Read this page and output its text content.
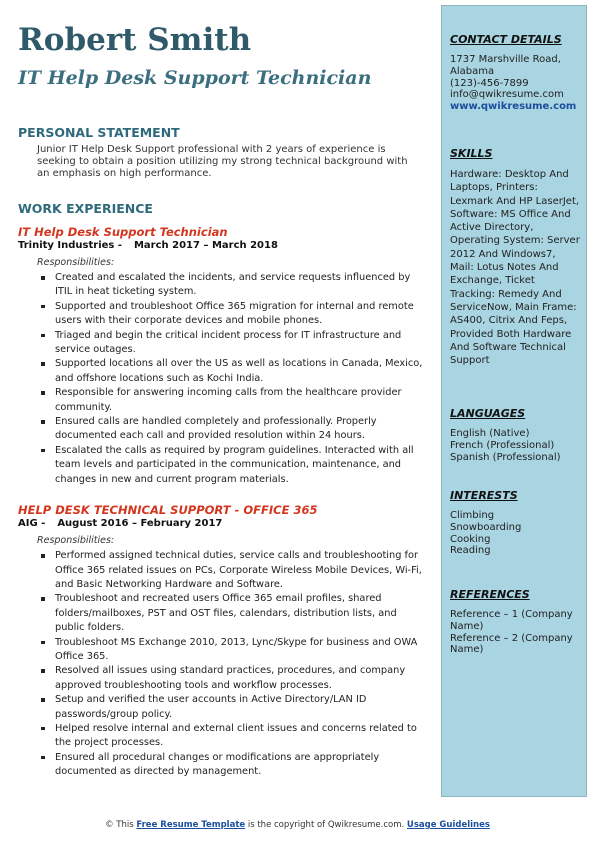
Robert Smith
IT Help Desk Support Technician
PERSONAL STATEMENT
Junior IT Help Desk Support professional with 2 years of experience is seeking to obtain a position utilizing my strong technical background with an emphasis on high performance.
WORK EXPERIENCE
IT Help Desk Support Technician
Trinity Industries - March 2017 – March 2018
Responsibilities:
Created and escalated the incidents, and service requests influenced by ITIL in heat ticketing system.
Supported and troubleshoot Office 365 migration for internal and remote users with their corporate devices and mobile phones.
Triaged and begin the critical incident process for IT infrastructure and service outages.
Supported locations all over the US as well as locations in Canada, Mexico, and offshore locations such as Kochi India.
Responsible for answering incoming calls from the healthcare provider community.
Ensured calls are handled completely and professionally. Properly documented each call and provided resolution within 24 hours.
Escalated the calls as required by program guidelines. Interacted with all team levels and participated in the communication, maintenance, and changes in new and current program materials.
HELP DESK TECHNICAL SUPPORT - OFFICE 365
AIG - August 2016 – February 2017
Responsibilities:
Performed assigned technical duties, service calls and troubleshooting for Office 365 related issues on PCs, Corporate Wireless Mobile Devices, Wi-Fi, and Basic Networking Hardware and Software.
Troubleshoot and recreated users Office 365 email profiles, shared folders/mailboxes, PST and OST files, calendars, distribution lists, and public folders.
Troubleshoot MS Exchange 2010, 2013, Lync/Skype for business and OWA Office 365.
Resolved all issues using standard practices, procedures, and company approved troubleshooting tools and workflow processes.
Setup and verified the user accounts in Active Directory/LAN ID passwords/group policy.
Helped resolve internal and external client issues and concerns related to the project processes.
Ensured all procedural changes or modifications are appropriately documented as directed by management.
CONTACT DETAILS
1737 Marshville Road,
Alabama
(123)-456-7899
info@qwikresume.com
www.qwikresume.com
SKILLS
Hardware: Desktop And Laptops, Printers: Lexmark And HP LaserJet, Software: MS Office And Active Directory, Operating System: Server 2012 And Windows7, Mail: Lotus Notes And Exchange, Ticket Tracking: Remedy And ServiceNow, Main Frame: AS400, Citrix And Feps, Provided Both Hardware And Software Technical Support
LANGUAGES
English (Native)
French (Professional)
Spanish (Professional)
INTERESTS
Climbing
Snowboarding
Cooking
Reading
REFERENCES
Reference – 1 (Company Name)
Reference – 2 (Company Name)
© This Free Resume Template is the copyright of Qwikresume.com. Usage Guidelines
